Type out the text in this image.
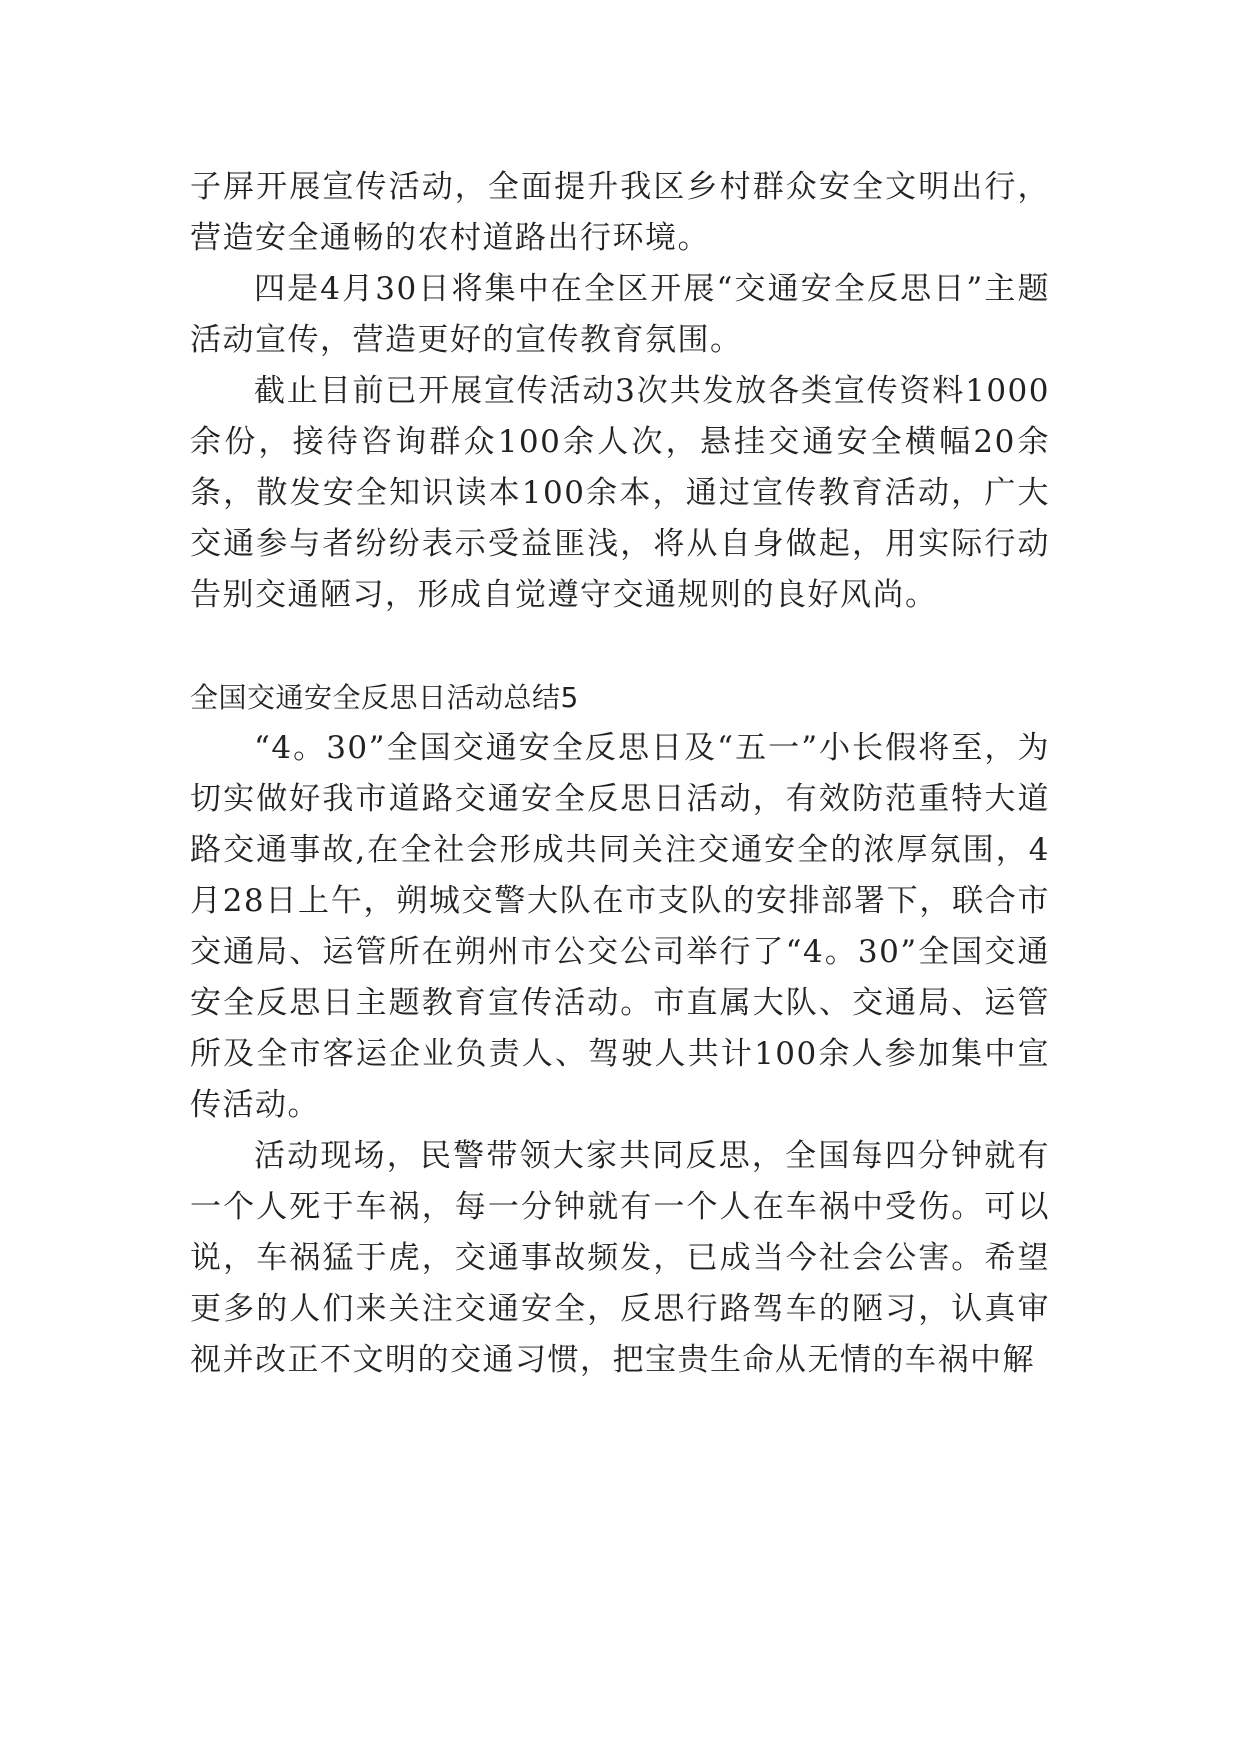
子屏开展宣传活动，全面提升我区乡村群众安全文明出行，营造安全通畅的农村道路出行环境。

四是4月30日将集中在全区开展“交通安全反思日”主题活动宣传，营造更好的宣传教育氛围。

截止目前已开展宣传活动3次共发放各类宣传资料1000余份，接待咨询群众100余人次，悬挂交通安全横幅20余条，散发安全知识读本100余本，通过宣传教育活动，广大交通参与者纷纷表示受益匪浅，将从自身做起，用实际行动告别交通陋习，形成自觉遵守交通规则的良好风尚。

全国交通安全反思日活动总结5

“4。30”全国交通安全反思日及“五一”小长假将至，为切实做好我市道路交通安全反思日活动，有效防范重特大道路交通事故,在全社会形成共同关注交通安全的浓厚氛围，4月28日上午，朔城交警大队在市支队的安排部署下，联合市交通局、运管所在朔州市公交公司举行了“4。30”全国交通安全反思日主题教育宣传活动。市直属大队、交通局、运管所及全市客运企业负责人、驾驶人共计100余人参加集中宣传活动。

活动现场，民警带领大家共同反思，全国每四分钟就有一个人死于车祸，每一分钟就有一个人在车祸中受伤。可以说，车祸猛于虎，交通事故频发，已成当今社会公害。希望更多的人们来关注交通安全，反思行路驾车的陋习，认真审视并改正不文明的交通习惯，把宝贵生命从无情的车祸中解
